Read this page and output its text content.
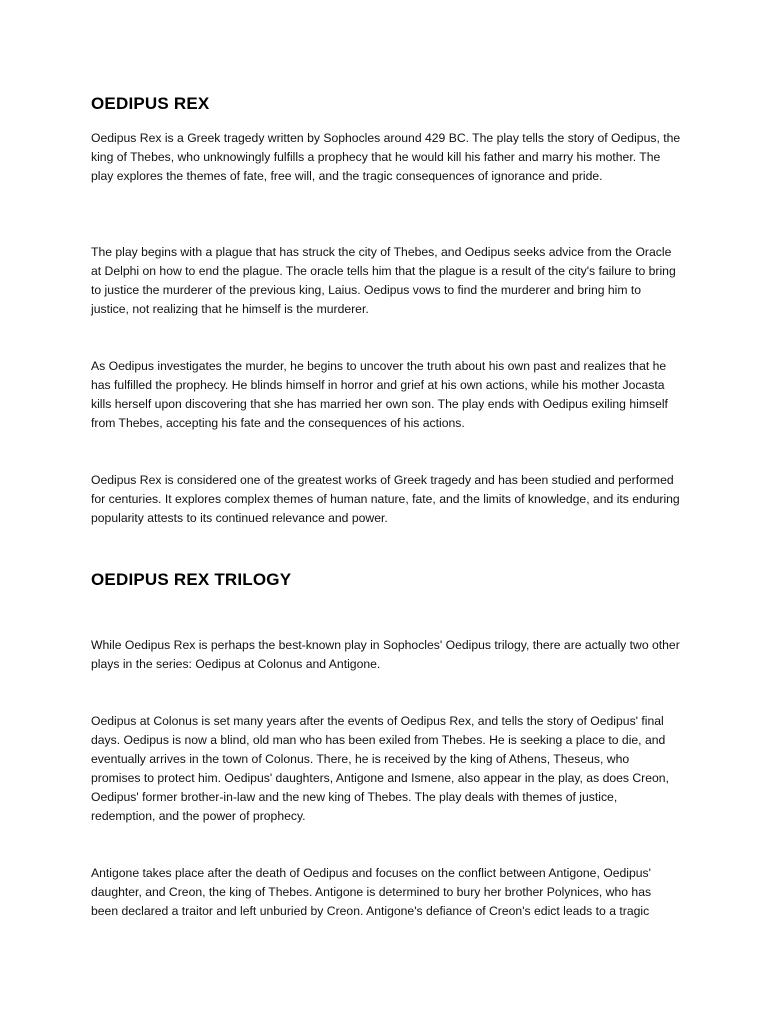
OEDIPUS REX

Oedipus Rex is a Greek tragedy written by Sophocles around 429 BC. The play tells the story of Oedipus, the king of Thebes, who unknowingly fulfills a prophecy that he would kill his father and marry his mother. The play explores the themes of fate, free will, and the tragic consequences of ignorance and pride.

The play begins with a plague that has struck the city of Thebes, and Oedipus seeks advice from the Oracle at Delphi on how to end the plague. The oracle tells him that the plague is a result of the city's failure to bring to justice the murderer of the previous king, Laius. Oedipus vows to find the murderer and bring him to justice, not realizing that he himself is the murderer.

As Oedipus investigates the murder, he begins to uncover the truth about his own past and realizes that he has fulfilled the prophecy. He blinds himself in horror and grief at his own actions, while his mother Jocasta kills herself upon discovering that she has married her own son. The play ends with Oedipus exiling himself from Thebes, accepting his fate and the consequences of his actions.

Oedipus Rex is considered one of the greatest works of Greek tragedy and has been studied and performed for centuries. It explores complex themes of human nature, fate, and the limits of knowledge, and its enduring popularity attests to its continued relevance and power.

OEDIPUS REX TRILOGY

While Oedipus Rex is perhaps the best-known play in Sophocles' Oedipus trilogy, there are actually two other plays in the series: Oedipus at Colonus and Antigone.

Oedipus at Colonus is set many years after the events of Oedipus Rex, and tells the story of Oedipus' final days. Oedipus is now a blind, old man who has been exiled from Thebes. He is seeking a place to die, and eventually arrives in the town of Colonus. There, he is received by the king of Athens, Theseus, who promises to protect him. Oedipus' daughters, Antigone and Ismene, also appear in the play, as does Creon, Oedipus' former brother-in-law and the new king of Thebes. The play deals with themes of justice, redemption, and the power of prophecy.

Antigone takes place after the death of Oedipus and focuses on the conflict between Antigone, Oedipus' daughter, and Creon, the king of Thebes. Antigone is determined to bury her brother Polynices, who has been declared a traitor and left unburied by Creon. Antigone's defiance of Creon's edict leads to a tragic
